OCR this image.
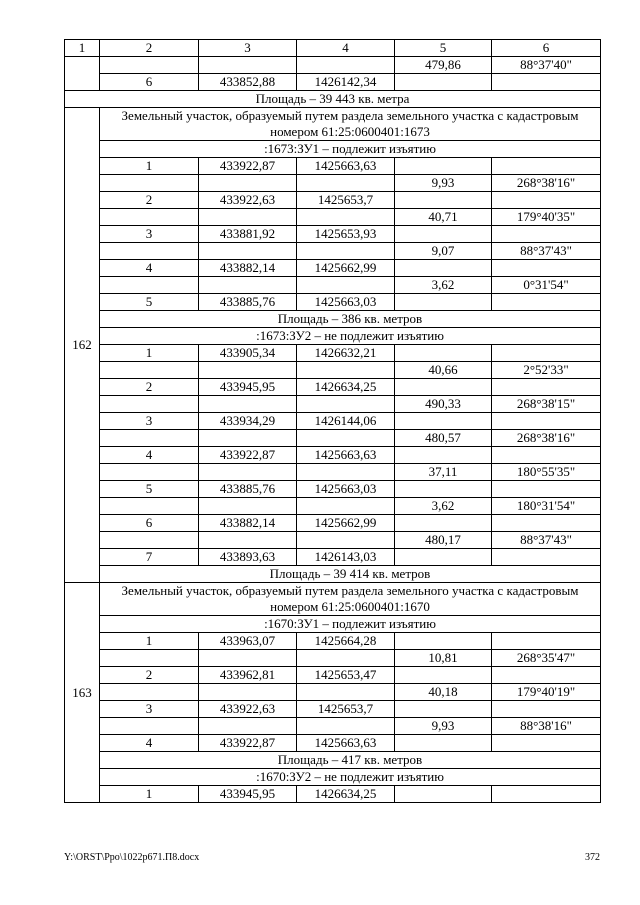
1	2	3	4	5	6
				479,86	88°37'40"
	6	433852,88	1426142,34		
Площадь – 39 443 кв. метра					
162	Земельный участок, образуемый путем раздела земельного участка с кадастровым номером 61:25:0600401:1673				
	:1673:ЗУ1 – подлежит изъятию				
	1	433922,87	1425663,63		
				9,93	268°38'16"
	2	433922,63	1425653,7		
				40,71	179°40'35"
	3	433881,92	1425653,93		
				9,07	88°37'43"
	4	433882,14	1425662,99		
				3,62	0°31'54"
	5	433885,76	1425663,03		
	Площадь – 386 кв. метров				
	:1673:ЗУ2 – не подлежит изъятию				
	1	433905,34	1426632,21		
				40,66	2°52'33"
	2	433945,95	1426634,25		
				490,33	268°38'15"
	3	433934,29	1426144,06		
				480,57	268°38'16"
	4	433922,87	1425663,63		
				37,11	180°55'35"
	5	433885,76	1425663,03		
				3,62	180°31'54"
	6	433882,14	1425662,99		
				480,17	88°37'43"
	7	433893,63	1426143,03		
	Площадь – 39 414 кв. метров				
163	Земельный участок, образуемый путем раздела земельного участка с кадастровым номером 61:25:0600401:1670				
	:1670:ЗУ1 – подлежит изъятию				
	1	433963,07	1425664,28		
				10,81	268°35'47"
	2	433962,81	1425653,47		
				40,18	179°40'19"
	3	433922,63	1425653,7		
				9,93	88°38'16"
	4	433922,87	1425663,63		
	Площадь – 417 кв. метров				
	:1670:ЗУ2 – не подлежит изъятию				
	1	433945,95	1426634,25		
Y:\ORST\Ppo\1022p671.П8.docx	372
